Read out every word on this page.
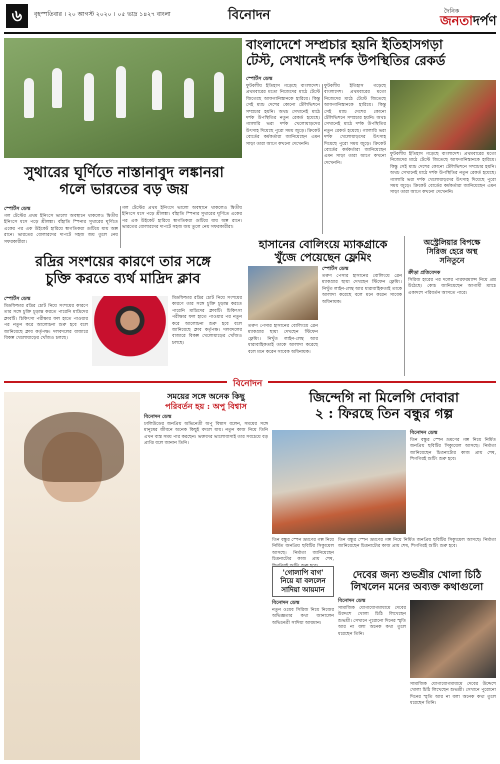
৬	বৃহস্পতিবার । ২০ আগস্ট ২০২০ । ০৫ ভাদ্র ১৪২৭ বাংলা	বিনোদন	দৈনিক
জনতাদর্পণ
বাংলাদেশে সম্প্রচার হয়নি ইতিহাসগড়া
টেস্ট, সেখানেই দর্শক উপস্থিতির রেকর্ড
স্পোর্টস ডেস্ক
ফুটবলীয় ইতিহাস গড়েছে বাংলাদেশ। প্রথমবারের মতো নিজেদের মাঠে টেস্টে জিতেছে আফগানিস্তানকে হারিয়ে। কিন্তু সেই ম্যাচ দেশের কোনো টেলিভিশনে সম্প্রচার হয়নি। অথচ সেখানেই মাঠে দর্শক উপস্থিতির নতুন রেকর্ড হয়েছে। গ্যালারি ভরা দর্শক খেলোয়াড়দের উৎসাহ দিয়েছে পুরো সময় জুড়ে। ক্রিকেট বোর্ডের কর্মকর্তারা জানিয়েছেন এমন সাড়া তারা আগে কখনো দেখেননি।
ফুটবলীয় ইতিহাস গড়েছে বাংলাদেশ। প্রথমবারের মতো নিজেদের মাঠে টেস্টে জিতেছে আফগানিস্তানকে হারিয়ে। কিন্তু সেই ম্যাচ দেশের কোনো টেলিভিশনে সম্প্রচার হয়নি। অথচ সেখানেই মাঠে দর্শক উপস্থিতির নতুন রেকর্ড হয়েছে। গ্যালারি ভরা দর্শক খেলোয়াড়দের উৎসাহ দিয়েছে পুরো সময় জুড়ে। ক্রিকেট বোর্ডের কর্মকর্তারা জানিয়েছেন এমন সাড়া তারা আগে কখনো দেখেননি।
ফুটবলীয় ইতিহাস গড়েছে বাংলাদেশ। প্রথমবারের মতো নিজেদের মাঠে টেস্টে জিতেছে আফগানিস্তানকে হারিয়ে। কিন্তু সেই ম্যাচ দেশের কোনো টেলিভিশনে সম্প্রচার হয়নি। অথচ সেখানেই মাঠে দর্শক উপস্থিতির নতুন রেকর্ড হয়েছে। গ্যালারি ভরা দর্শক খেলোয়াড়দের উৎসাহ দিয়েছে পুরো সময় জুড়ে। ক্রিকেট বোর্ডের কর্মকর্তারা জানিয়েছেন এমন সাড়া তারা আগে কখনো দেখেননি।
সুথারের ঘূর্ণিতে নাস্তানাবুদ লঙ্কানরা
গলে ভারতের বড় জয়
স্পোর্টস ডেস্ক
গল টেস্টের প্রথম ইনিংসে ভালো অবস্থানে থাকলেও দ্বিতীয় ইনিংসে ধসে পড়ে শ্রীলঙ্কা। বাঁহাতি স্পিনার সুথারের ঘূর্ণিতে একের পর এক উইকেট হারিয়ে স্বাগতিকরা গুটিয়ে যায় অল্প রানে। ভারতের বোলারদের দাপটে সহজ জয় তুলে নেয় সফরকারীরা।
গল টেস্টের প্রথম ইনিংসে ভালো অবস্থানে থাকলেও দ্বিতীয় ইনিংসে ধসে পড়ে শ্রীলঙ্কা। বাঁহাতি স্পিনার সুথারের ঘূর্ণিতে একের পর এক উইকেট হারিয়ে স্বাগতিকরা গুটিয়ে যায় অল্প রানে। ভারতের বোলারদের দাপটে সহজ জয় তুলে নেয় সফরকারীরা।
রদ্রির সংশয়ের কারণে তার সঙ্গে
চুক্তি করতে ব্যর্থ মাদ্রিদ ক্লাব
স্পোর্টস ডেস্ক
মিডফিল্ডার রদ্রির চোট নিয়ে সংশয়ের কারণে তার সঙ্গে চুক্তি চূড়ান্ত করতে পারেনি মাদ্রিদের ক্লাবটি। চিকিৎসা পরীক্ষার ফল হাতে পাওয়ার পর নতুন করে আলোচনা শুরু হবে বলে জানিয়েছে ক্লাব কর্তৃপক্ষ। দলবদলের বাজারে বিকল্প খেলোয়াড়ের খোঁজও চলছে।
মিডফিল্ডার রদ্রির চোট নিয়ে সংশয়ের কারণে তার সঙ্গে চুক্তি চূড়ান্ত করতে পারেনি মাদ্রিদের ক্লাবটি। চিকিৎসা পরীক্ষার ফল হাতে পাওয়ার পর নতুন করে আলোচনা শুরু হবে বলে জানিয়েছে ক্লাব কর্তৃপক্ষ। দলবদলের বাজারে বিকল্প খেলোয়াড়ের খোঁজও চলছে।
হাসানের বোলিংয়ে ম্যাকগ্রাকে
খুঁজে পেয়েছেন ফ্লেমিং
স্পোর্টস ডেস্ক
তরুণ পেসার হাসানের বোলিংয়ে গ্লেন ম্যাকগ্রার ছায়া দেখছেন স্টিফেন ফ্লেমিং। নিখুঁত লাইন-লেন্থ আর ধারাবাহিকতাই তাকে আলাদা করেছে বলে মনে করেন সাবেক অধিনায়ক।
তরুণ পেসার হাসানের বোলিংয়ে গ্লেন ম্যাকগ্রার ছায়া দেখছেন স্টিফেন ফ্লেমিং। নিখুঁত লাইন-লেন্থ আর ধারাবাহিকতাই তাকে আলাদা করেছে বলে মনে করেন সাবেক অধিনায়ক।
অস্ট্রেলিয়ার বিপক্ষে
সিরিজ হেরে অস্থ
সনিতুনে
ক্রীড়া প্রতিবেদক
সিরিজ হারের পর দলের পারফরম্যান্স নিয়ে প্রশ্ন উঠেছে। কোচ জানিয়েছেন আগামী ম্যাচে একাদশে পরিবর্তন আসতে পারে।
বিনোদন
সময়ের সঙ্গে অনেক কিছু
পরিবর্তন হয় : অপু বিশ্বাস
বিনোদন ডেস্ক
ঢালিউডের জনপ্রিয় অভিনেত্রী অপু বিশ্বাস বলেন, সময়ের সঙ্গে মানুষের জীবনে অনেক কিছুই বদলে যায়। নতুন কাজ নিয়ে তিনি এখন ব্যস্ত সময় পার করছেন। ভক্তদের ভালোবাসাই তার সবচেয়ে বড় প্রাপ্তি বলে জানান তিনি।
জিন্দেগি না মিলেগি দোবারা
২ : ফিরছে তিন বন্ধুর গল্প
বিনোদন ডেস্ক
তিন বন্ধুর স্পেন ভ্রমণের গল্প নিয়ে নির্মিত জনপ্রিয় ছবিটির সিক্যুয়েল আসছে। নির্মাতা জানিয়েছেন চিত্রনাট্যের কাজ প্রায় শেষ, শিগগিরই শুটিং শুরু হবে।
তিন বন্ধুর স্পেন ভ্রমণের গল্প নিয়ে নির্মিত জনপ্রিয় ছবিটির সিক্যুয়েল আসছে। নির্মাতা জানিয়েছেন চিত্রনাট্যের কাজ প্রায় শেষ, শিগগিরই শুটিং শুরু হবে।
'গোলাপি বাগ'
নিয়ে যা বললেন
সাদিয়া আয়মান
বিনোদন ডেস্ক
নতুন ওয়েব সিরিজ নিয়ে নিজের অভিজ্ঞতার কথা জানালেন অভিনেত্রী সাদিয়া আয়মান।
তিন বন্ধুর স্পেন ভ্রমণের গল্প নিয়ে নির্মিত জনপ্রিয় ছবিটির সিক্যুয়েল আসছে। নির্মাতা জানিয়েছেন চিত্রনাট্যের কাজ প্রায় শেষ, শিগগিরই শুটিং শুরু হবে।
দেবের জন্য শুভশ্রীর খোলা চিঠি
লিখলেন মনের অব্যক্ত কথাগুলো
বিনোদন ডেস্ক
সামাজিক যোগাযোগমাধ্যমে দেবের উদ্দেশে খোলা চিঠি লিখেছেন শুভশ্রী। সেখানে পুরোনো দিনের স্মৃতি আর না বলা অনেক কথা তুলে ধরেছেন তিনি।
সামাজিক যোগাযোগমাধ্যমে দেবের উদ্দেশে খোলা চিঠি লিখেছেন শুভশ্রী। সেখানে পুরোনো দিনের স্মৃতি আর না বলা অনেক কথা তুলে ধরেছেন তিনি।
